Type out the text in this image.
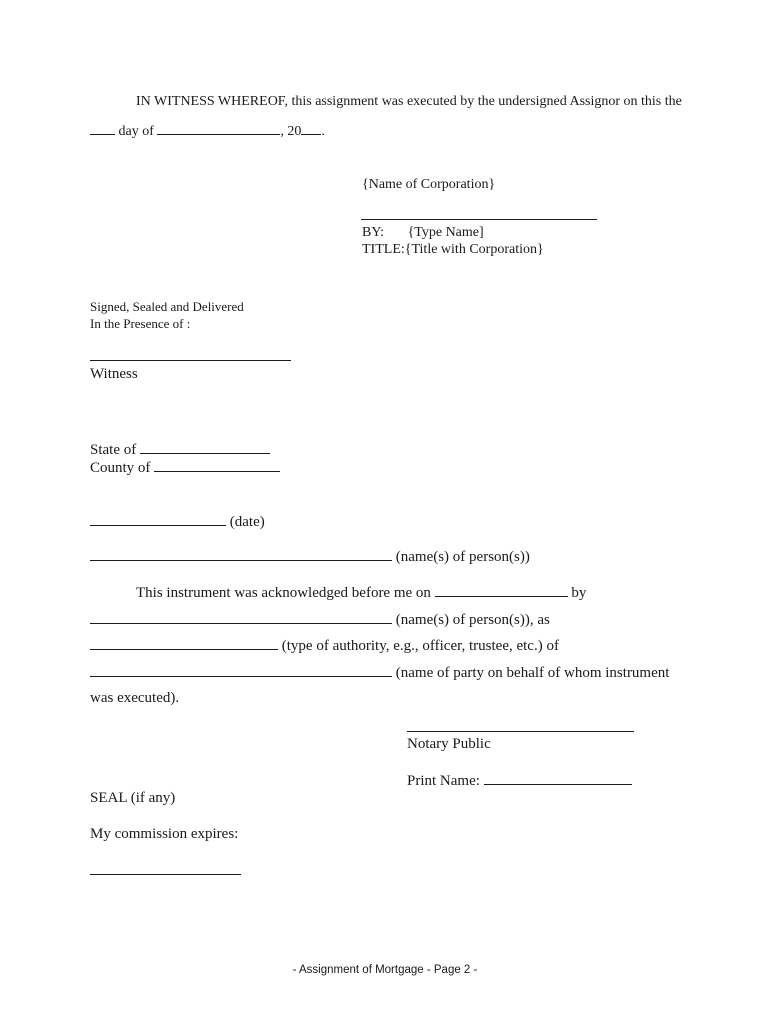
IN WITNESS WHEREOF, this assignment was executed by the undersigned Assignor on this the
day of	, 20 .
{Name of Corporation}
BY: {Type Name]
TITLE:{Title with Corporation}
Signed, Sealed and Delivered
In the Presence of :
Witness
State of
County of
(date)
(name(s) of person(s))
This instrument was acknowledged before me on	by
(name(s) of person(s)), as
(type of authority, e.g., officer, trustee, etc.) of
(name of party on behalf of whom instrument
was executed).
Notary Public
Print Name:
SEAL (if any)
My commission expires:
- Assignment of Mortgage - Page 2 -
